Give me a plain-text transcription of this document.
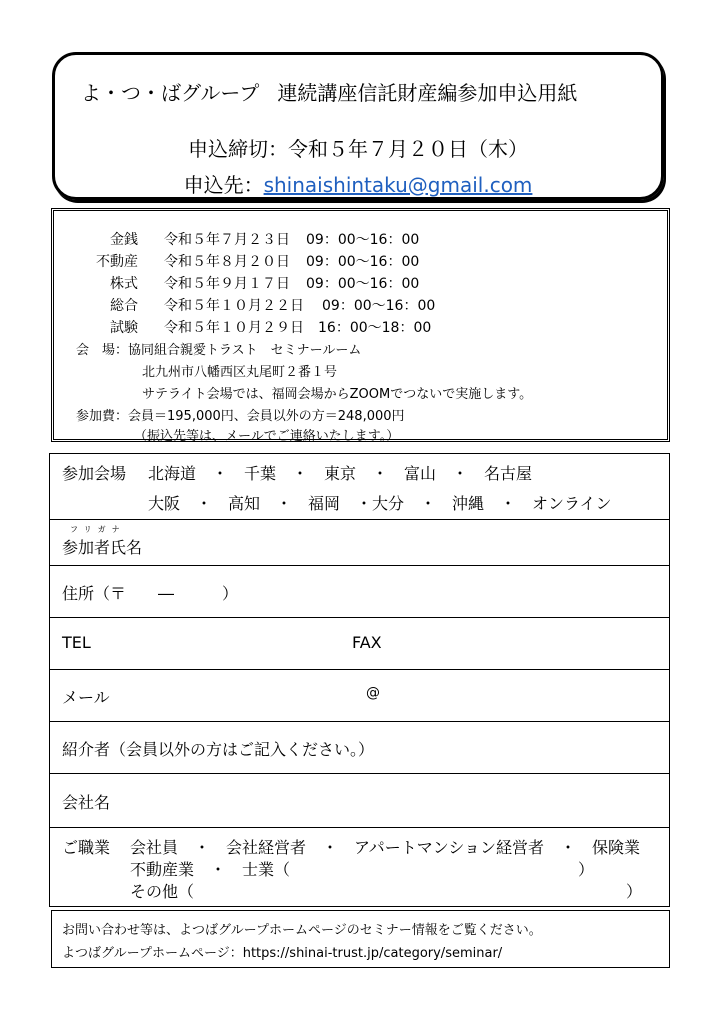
よ・つ・ばグループ 連続講座信託財産編参加申込用紙
申込締切：令和５年７月２０日（木）
申込先：shinaishintaku@gmail.com
金銭 令和５年７月２３日 09：00～16：00
不動産 令和５年８月２０日 09：00～16：00
株式 令和５年９月１７日 09：00～16：00
総合 令和５年１０月２２日 09：00～16：00
試験 令和５年１０月２９日 16：00～18：00
会　場：協同組合親愛トラスト　セミナールーム
北九州市八幡西区丸尾町２番１号
サテライト会場では、福岡会場からZOOMでつないで実施します。
参加費：会員＝195,000円、会員以外の方＝248,000円
（振込先等は、メールでご連絡いたします。）
参加会場 北海道　・　千葉　・　東京　・　富山　・　名古屋
大阪　・　高知　・　福岡　・大分　・　沖縄　・　オンライン
フリガナ
参加者氏名
住所（〒　　―　　　）
TEL	FAX
メール	@
紹介者（会員以外の方はご記入ください。）
会社名
ご職業 会社員　・　会社経営者　・　アパートマンション経営者　・　保険業
不動産業　・　士業（　　　　　　　　　　　　　　　　　　）
その他（　　　　　　　　　　　　　　　　　　　　　　　　　　　）
お問い合わせ等は、よつばグループホームページのセミナー情報をご覧ください。
よつばグループホームページ：https://shinai-trust.jp/category/seminar/
